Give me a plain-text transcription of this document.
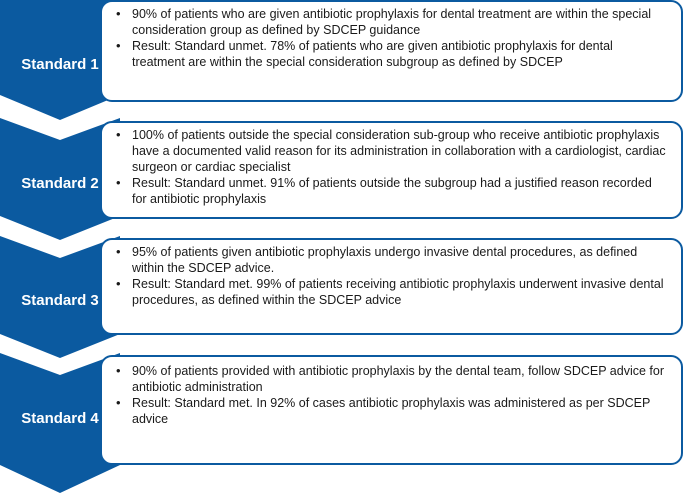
Standard 1
• 90% of patients who are given antibiotic prophylaxis for dental treatment are within the special consideration group as defined by SDCEP guidance
• Result: Standard unmet. 78% of patients who are given antibiotic prophylaxis for dental treatment are within the special consideration subgroup as defined by SDCEP
Standard 2
• 100% of patients outside the special consideration sub-group who receive antibiotic prophylaxis have a documented valid reason for its administration in collaboration with a cardiologist, cardiac surgeon or cardiac specialist
• Result: Standard unmet. 91% of patients outside the subgroup had a justified reason recorded for antibiotic prophylaxis
Standard 3
• 95% of patients given antibiotic prophylaxis undergo invasive dental procedures, as defined within the SDCEP advice.
• Result: Standard met. 99% of patients receiving antibiotic prophylaxis underwent invasive dental procedures, as defined within the SDCEP advice
Standard 4
• 90% of patients provided with antibiotic prophylaxis by the dental team, follow SDCEP advice for antibiotic administration
• Result: Standard met. In 92% of cases antibiotic prophylaxis was administered as per SDCEP advice
